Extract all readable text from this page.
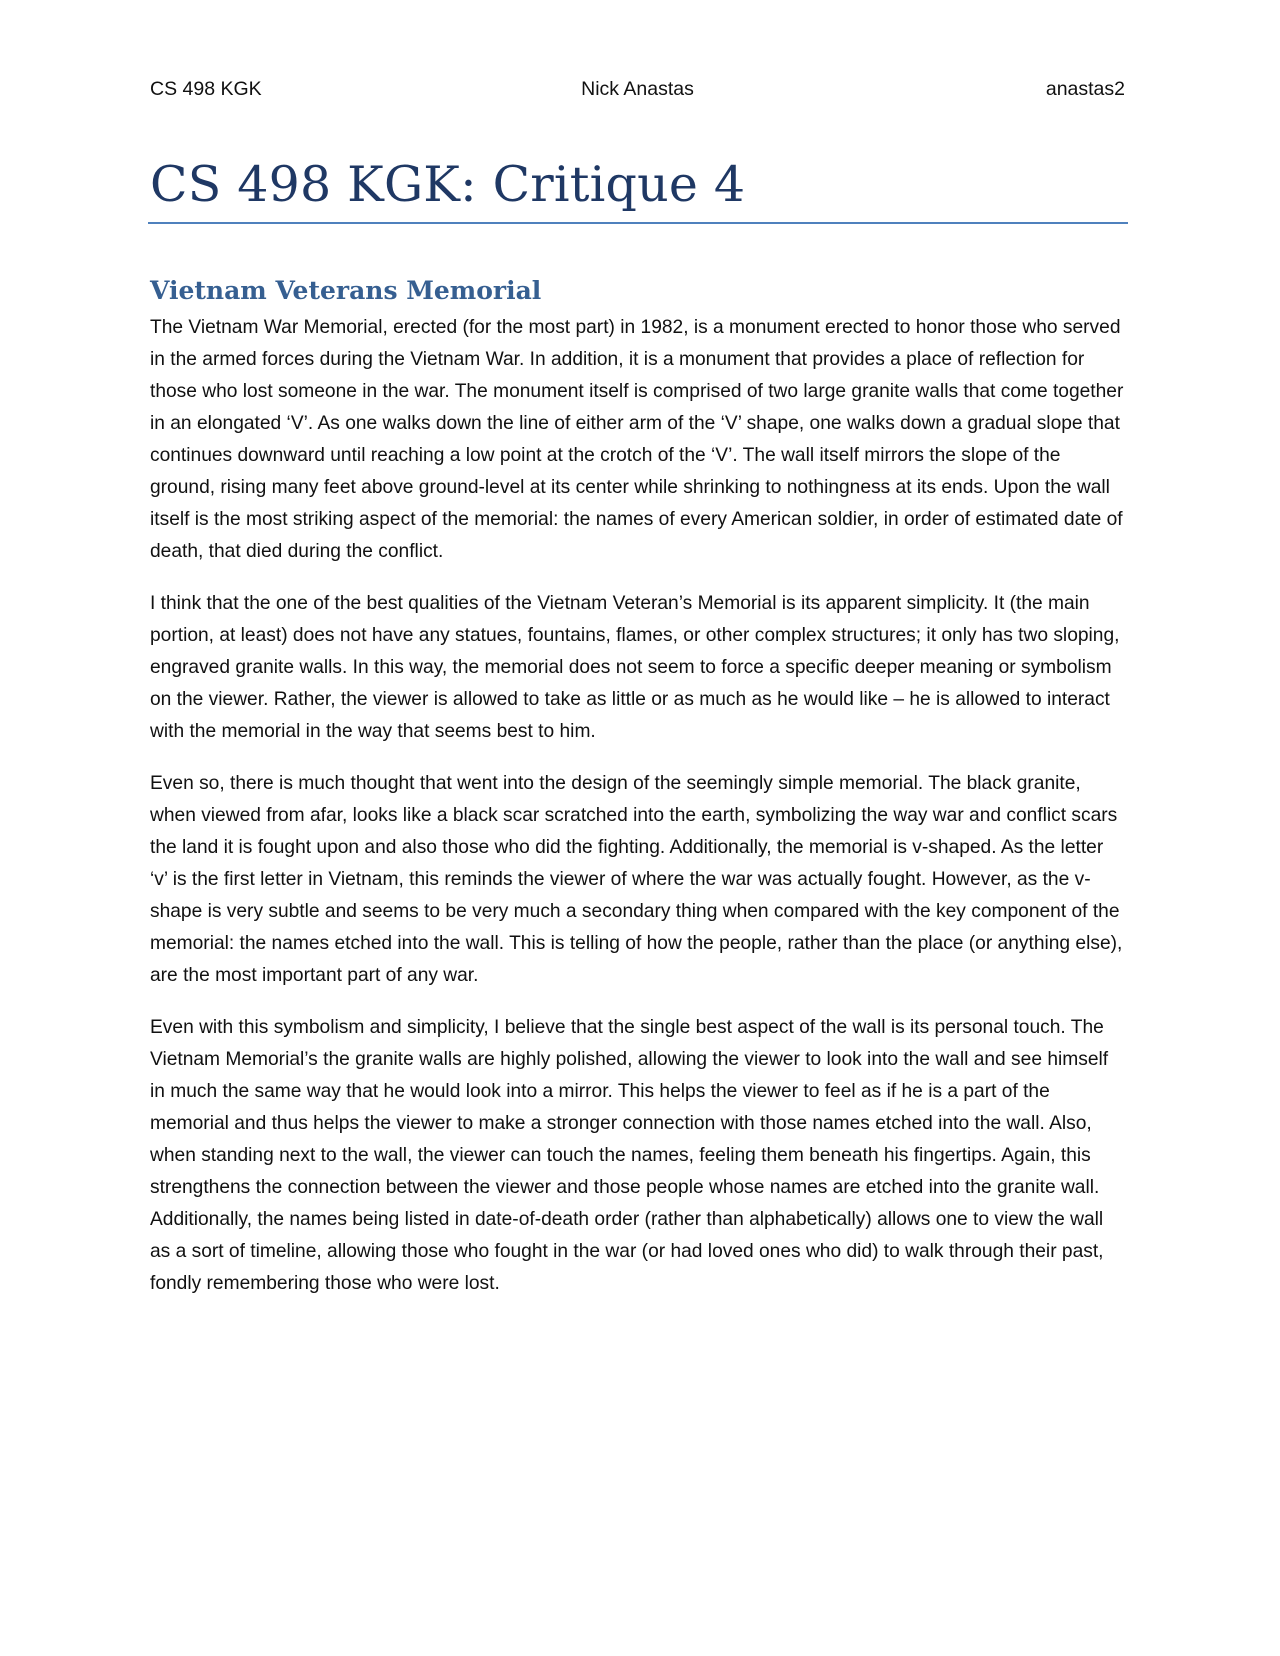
CS 498 KGK	Nick Anastas	anastas2
CS 498 KGK: Critique 4
Vietnam Veterans Memorial

The Vietnam War Memorial, erected (for the most part) in 1982, is a monument erected to honor those who served in the armed forces during the Vietnam War. In addition, it is a monument that provides a place of reflection for those who lost someone in the war. The monument itself is comprised of two large granite walls that come together in an elongated ‘V’. As one walks down the line of either arm of the ‘V’ shape, one walks down a gradual slope that continues downward until reaching a low point at the crotch of the ‘V’. The wall itself mirrors the slope of the ground, rising many feet above ground-level at its center while shrinking to nothingness at its ends. Upon the wall itself is the most striking aspect of the memorial: the names of every American soldier, in order of estimated date of death, that died during the conflict.

I think that the one of the best qualities of the Vietnam Veteran’s Memorial is its apparent simplicity. It (the main portion, at least) does not have any statues, fountains, flames, or other complex structures; it only has two sloping, engraved granite walls. In this way, the memorial does not seem to force a specific deeper meaning or symbolism on the viewer. Rather, the viewer is allowed to take as little or as much as he would like – he is allowed to interact with the memorial in the way that seems best to him.

Even so, there is much thought that went into the design of the seemingly simple memorial. The black granite, when viewed from afar, looks like a black scar scratched into the earth, symbolizing the way war and conflict scars the land it is fought upon and also those who did the fighting. Additionally, the memorial is v-shaped. As the letter ‘v’ is the first letter in Vietnam, this reminds the viewer of where the war was actually fought. However, as the v-shape is very subtle and seems to be very much a secondary thing when compared with the key component of the memorial: the names etched into the wall. This is telling of how the people, rather than the place (or anything else), are the most important part of any war.

Even with this symbolism and simplicity, I believe that the single best aspect of the wall is its personal touch. The Vietnam Memorial’s the granite walls are highly polished, allowing the viewer to look into the wall and see himself in much the same way that he would look into a mirror. This helps the viewer to feel as if he is a part of the memorial and thus helps the viewer to make a stronger connection with those names etched into the wall. Also, when standing next to the wall, the viewer can touch the names, feeling them beneath his fingertips. Again, this strengthens the connection between the viewer and those people whose names are etched into the granite wall. Additionally, the names being listed in date-of-death order (rather than alphabetically) allows one to view the wall as a sort of timeline, allowing those who fought in the war (or had loved ones who did) to walk through their past, fondly remembering those who were lost.
